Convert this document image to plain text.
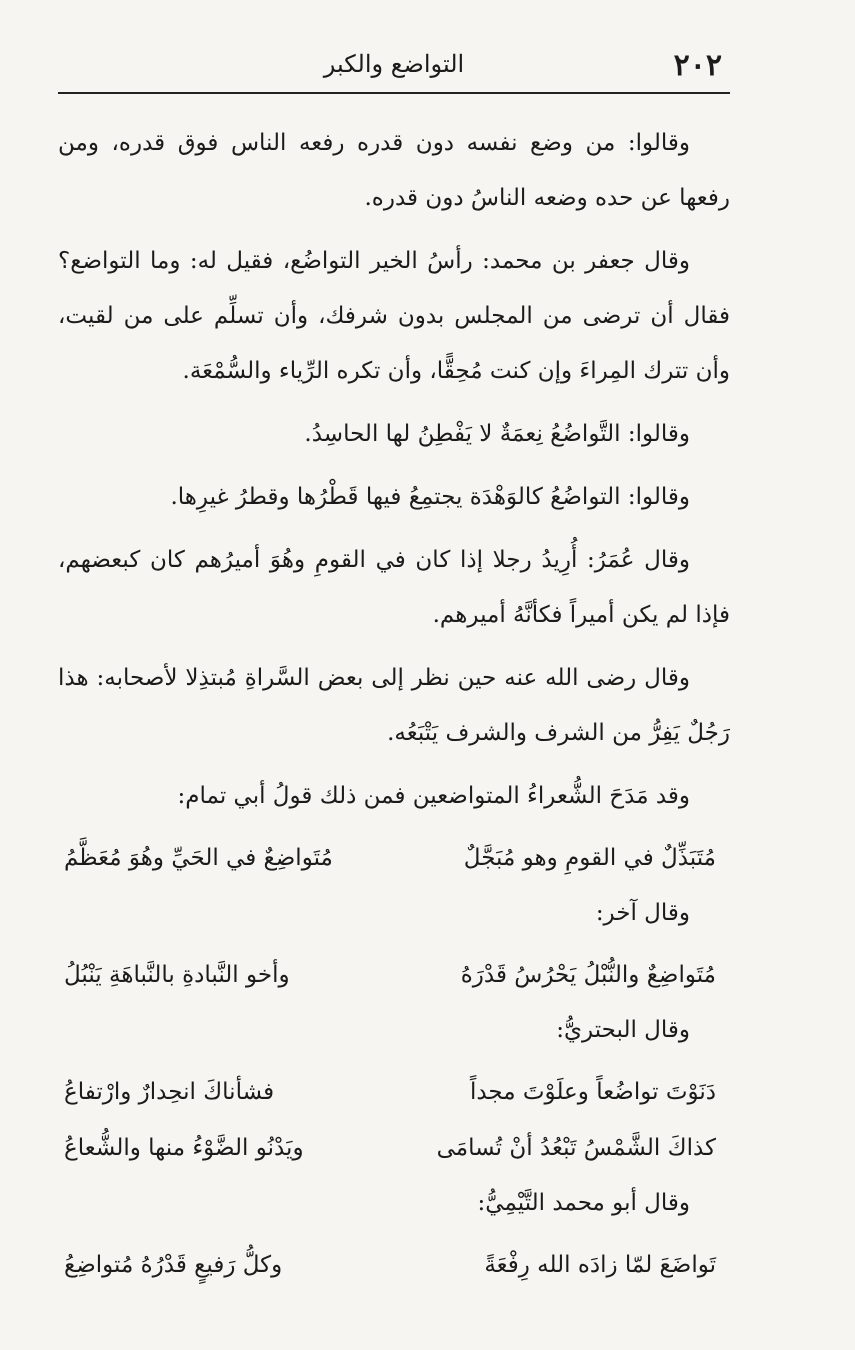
٢٠٢
التواضع والكبر

وقالوا: من وضع نفسه دون قدره رفعه الناس فوق قدره، ومن رفعها عن حده وضعه الناسُ دون قدره.

وقال جعفر بن محمد: رأسُ الخير التواضُع، فقيل له: وما التواضع؟ فقال أن ترضى من المجلس بدون شرفك، وأن تسلِّم على من لقيت، وأن تترك المِراءَ وإن كنت مُحِقًّا، وأن تكره الرِّياء والسُّمْعَة.

وقالوا: التَّواضُعُ نِعمَةٌ لا يَفْطِنُ لها الحاسِدُ.

وقالوا: التواضُعُ كالوَهْدَة يجتمِعُ فيها قَطْرُها وقطرُ غيرِها.

وقال عُمَرُ: أُرِيدُ رجلا إذا كان في القومِ وهُوَ أميرُهم كان كبعضهم، فإذا لم يكن أميراً فكأنَّهُ أميرهم.

وقال رضى الله عنه حين نظر إلى بعض السَّراةِ مُبتذِلا لأصحابه: هذا رَجُلٌ يَفِرُّ من الشرف والشرف يَتْبَعُه.

وقد مَدَحَ الشُّعراءُ المتواضعين فمن ذلك قولُ أبي تمام:

مُتَبَذِّلٌ في القومِ وهو مُبَجَّلٌ
مُتَواضِعٌ في الحَيِّ وهُوَ مُعَظَّمُ

وقال آخر:

مُتَواضِعٌ والنُّبْلُ يَحْرُسُ قَدْرَهُ
وأخو النَّبادةِ بالنَّباهَةِ يَنْبُلُ

وقال البحتريُّ:

دَنَوْتَ تواضُعاً وعلَوْتَ مجداً
فشأناكَ انحِدارٌ وارْتفاعُ
كذاكَ الشَّمْسُ تَبْعُدُ أنْ تُسامَى
ويَدْنُو الضَّوْءُ منها والشُّعاعُ

وقال أبو محمد التَّيْمِيُّ:

تَواضَعَ لمّا زادَه الله رِفْعَةً
وكلُّ رَفيعٍ قَدْرُهُ مُتواضِعُ
